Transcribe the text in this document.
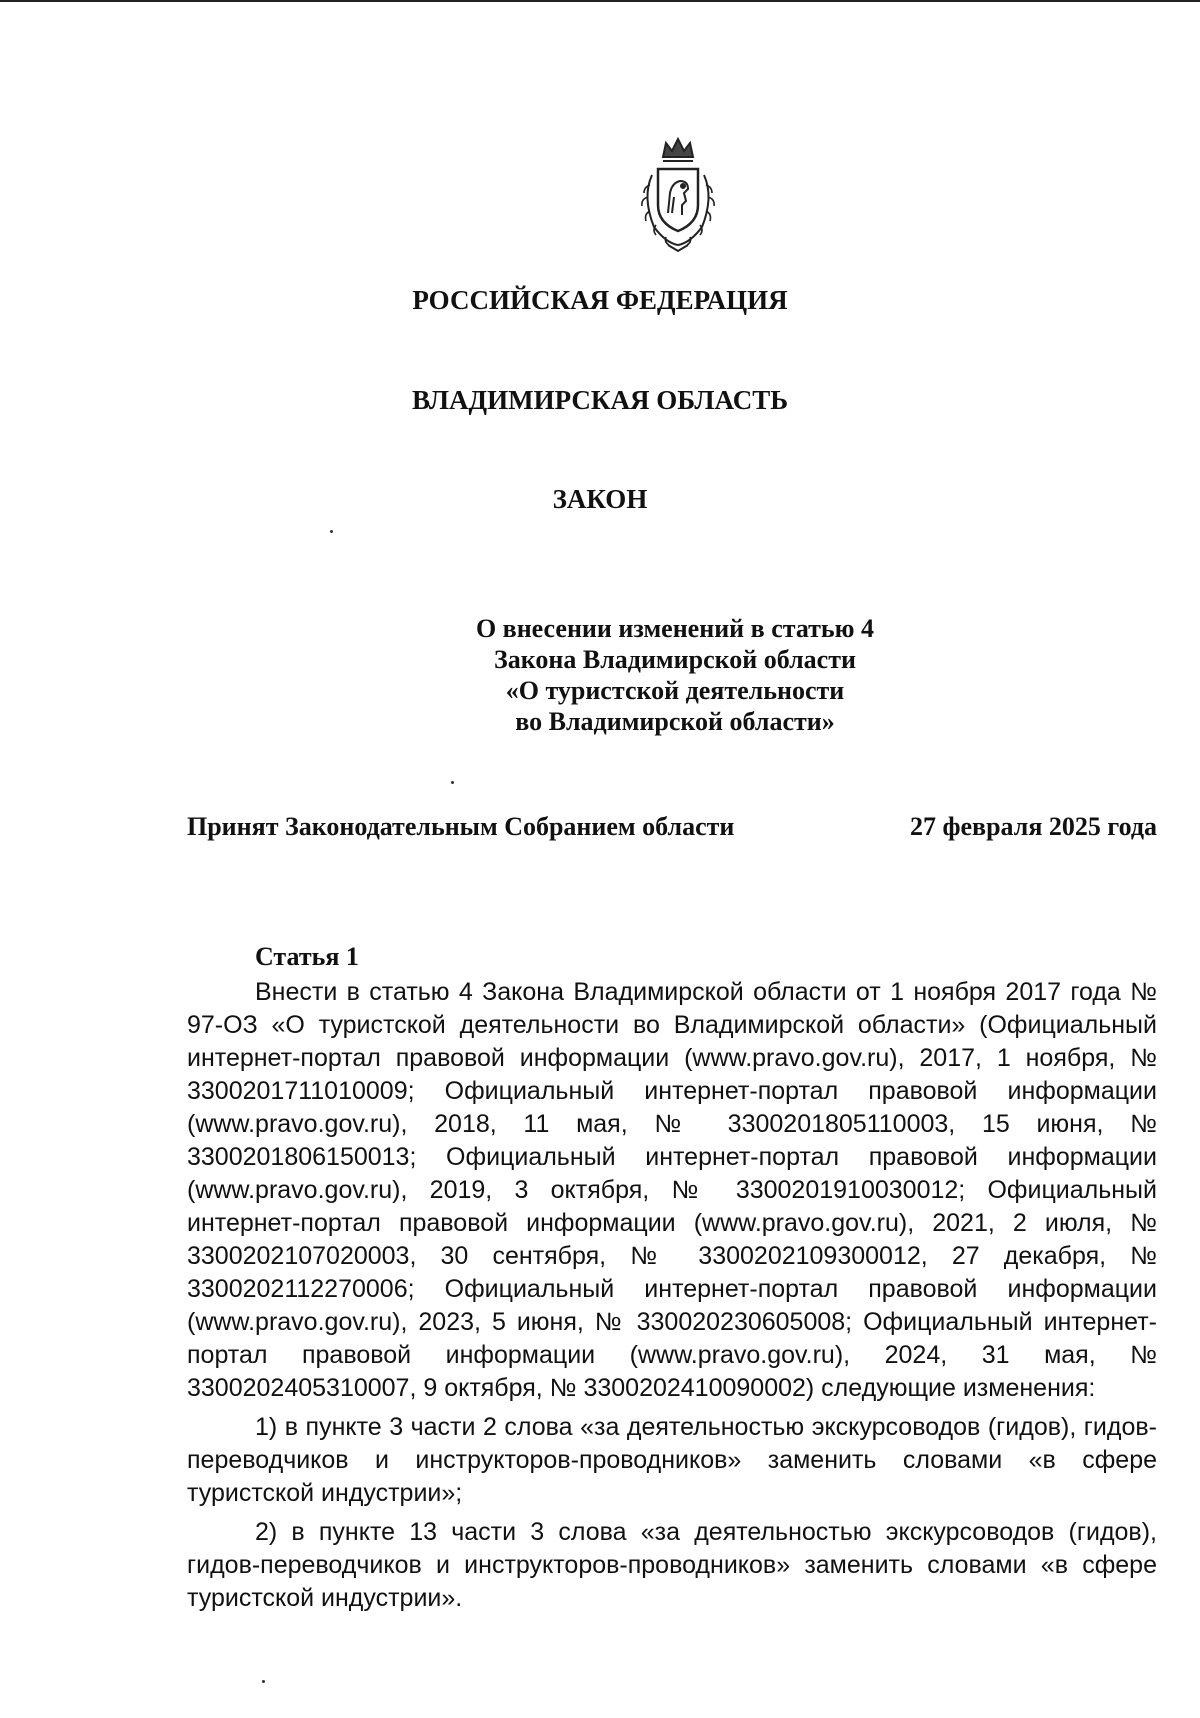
РОССИЙСКАЯ ФЕДЕРАЦИЯ
ВЛАДИМИРСКАЯ ОБЛАСТЬ
ЗАКОН
О внесении изменений в статью 4
Закона Владимирской области
«О туристской деятельности
во Владимирской области»
Принят Законодательным Собранием области	27 февраля 2025 года
Статья 1

Внести в статью 4 Закона Владимирской области от 1 ноября 2017 года № 97-ОЗ «О туристской деятельности во Владимирской области» (Официальный интернет-портал правовой информации (www.pravo.gov.ru), 2017, 1 ноября, № 3300201711010009; Официальный интернет-портал правовой информации (www.pravo.gov.ru), 2018, 11 мая, № 3300201805110003, 15 июня, № 3300201806150013; Официальный интернет-портал правовой информации (www.pravo.gov.ru), 2019, 3 октября, № 3300201910030012; Официальный интернет-портал правовой информации (www.pravo.gov.ru), 2021, 2 июля, № 3300202107020003, 30 сентября, № 3300202109300012, 27 декабря, № 3300202112270006; Официальный интернет-портал правовой информации (www.pravo.gov.ru), 2023, 5 июня, № 330020230605008; Официальный интернет-портал правовой информации (www.pravo.gov.ru), 2024, 31 мая, № 3300202405310007, 9 октября, № 3300202410090002) следующие изменения:

1) в пункте 3 части 2 слова «за деятельностью экскурсоводов (гидов), гидов-переводчиков и инструкторов-проводников» заменить словами «в сфере туристской индустрии»;

2) в пункте 13 части 3 слова «за деятельностью экскурсоводов (гидов), гидов-переводчиков и инструкторов-проводников» заменить словами «в сфере туристской индустрии».
